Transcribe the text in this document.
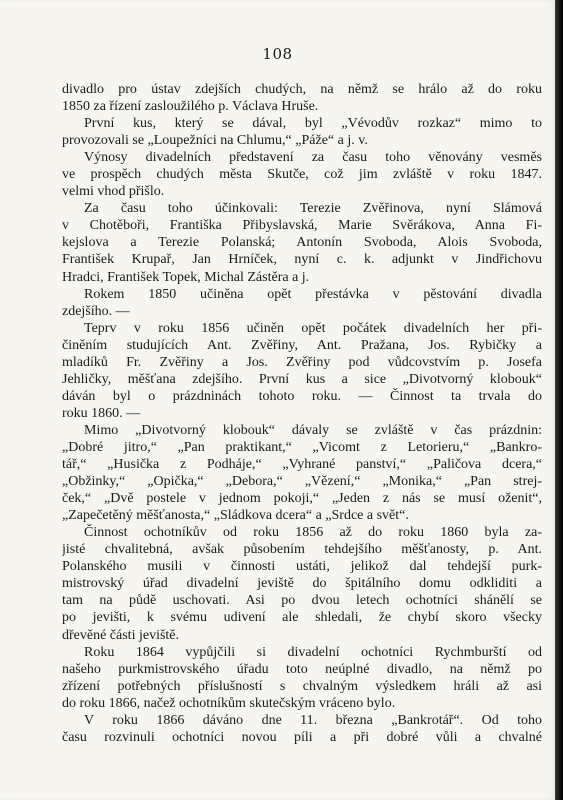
108
divadlo pro ústav zdejších chudých, na němž se hrálo až do roku
1850 za řízení zasloužilého p. Václava Hruše.
První kus, který se dával, byl „Vévodův rozkaz“ mimo to
provozovali se „Loupežníci na Chlumu,“ „Páže“ a j. v.
Výnosy divadelních představení za času toho věnovány vesměs
ve prospěch chudých města Skutče, což jim zvláště v roku 1847.
velmi vhod přišlo.
Za času toho účinkovali: Terezie Zvěřinova, nyní Slámová
v Chotěboři, Františka Přibyslavská, Marie Svěrákova, Anna Fi-
kejslova a Terezie Polanská; Antonín Svoboda, Alois Svoboda,
František Krupař, Jan Hrníček, nyní c. k. adjunkt v Jindřichovu
Hradci, František Topek, Michal Zástěra a j.
Rokem 1850 učiněna opět přestávka v pěstování divadla
zdejšího. —
Teprv v roku 1856 učiněn opět počátek divadelních her při-
činěním studujících Ant. Zvěřiny, Ant. Pražana, Jos. Rybičky a
mladíků Fr. Zvěřiny a Jos. Zvěřiny pod vůdcovstvím p. Josefa
Jehličky, měšťana zdejšího. První kus a sice „Divotvorný klobouk“
dáván byl o prázdninách tohoto roku. — Činnost ta trvala do
roku 1860. —
Mimo „Divotvorný klobouk“ dávaly se zvláště v čas prázdnin:
„Dobré jitro,“ „Pan praktikant,“ „Vicomt z Letorieru,“ „Bankro-
tář,“ „Husička z Podháje,“ „Vyhrané panství,“ „Paličova dcera,“
„Obžinky,“ „Opička,“ „Debora,“ „Vězení,“ „Monika,“ „Pan strej-
ček,“ „Dvě postele v jednom pokoji,“ „Jeden z nás se musí oženit“,
„Zapečetěný měšťanosta,“ „Sládkova dcera“ a „Srdce a svět“.
Činnost ochotníkův od roku 1856 až do roku 1860 byla za-
jisté chvalitebná, avšak působením tehdejšího měšťanosty, p. Ant.
Polanského musili v činnosti ustáti, jelikož dal tehdejší purk-
mistrovský úřad divadelní jeviště do špitálního domu odkliditi a
tam na půdě uschovati. Asi po dvou letech ochotníci shánělí se
po jevišti, k svému udivení ale shledali, že chybí skoro všecky
dřevěné části jeviště.
Roku 1864 vypůjčili si divadelní ochotníci Rychmburští od
našeho purkmistrovského úřadu toto neúplné divadlo, na němž po
zřízení potřebných příslušností s chvalným výsledkem hráli až asi
do roku 1866, načež ochotníkům skutečským vráceno bylo.
V roku 1866 dáváno dne 11. března „Bankrotář“. Od toho
času rozvinuli ochotníci novou píli a při dobré vůli a chvalné
